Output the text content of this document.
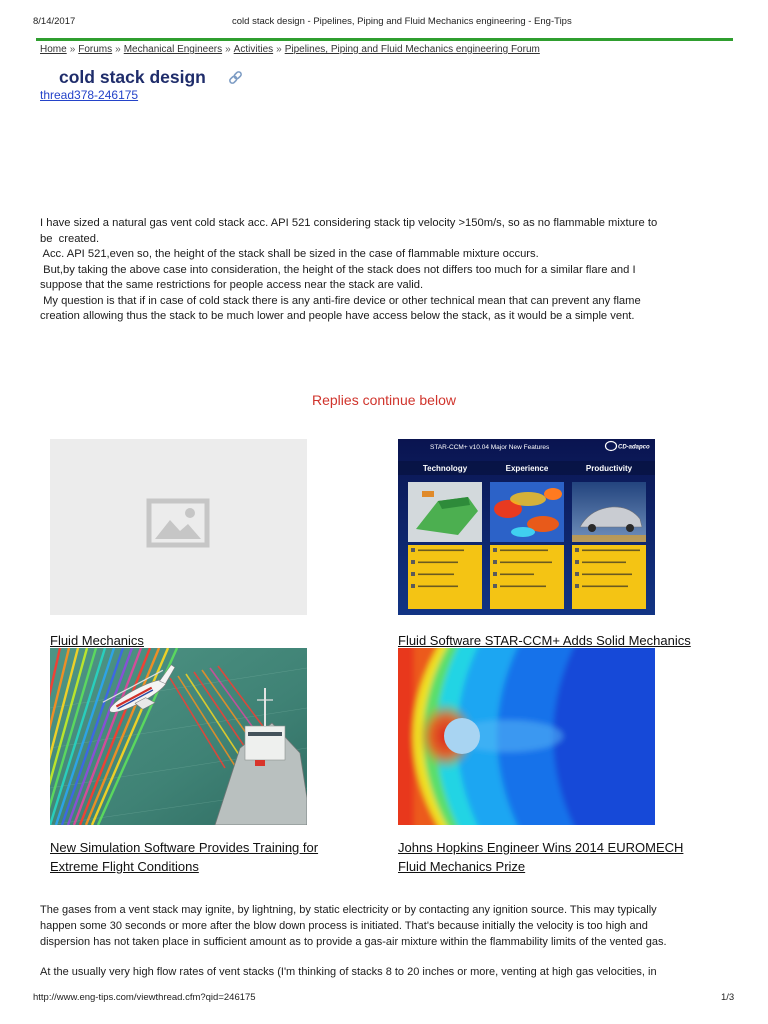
8/14/2017	cold stack design - Pipelines, Piping and Fluid Mechanics engineering - Eng-Tips
Home » Forums » Mechanical Engineers » Activities » Pipelines, Piping and Fluid Mechanics engineering Forum
cold stack design
thread378-246175
I have sized a natural gas vent cold stack acc. API 521 considering stack tip velocity >150m/s, so as no flammable mixture to
be  created.
Acc. API 521,even so, the height of the stack shall be sized in the case of flammable mixture occurs.
But,by taking the above case into consideration, the height of the stack does not differs too much for a similar flare and I
suppose that the same restrictions for people access near the stack are valid.
My question is that if in case of cold stack there is any anti-fire device or other technical mean that can prevent any flame
creation allowing thus the stack to be much lower and people have access below the stack, as it would be a simple vent.
Replies continue below
STAR-CCM+ v10.04 Major New Features	CD-adapco
Technology	Experience	Productivity
Fluid Mechanics	Fluid Software STAR-CCM+ Adds Solid Mechanics
New Simulation Software Provides Training for
Extreme Flight Conditions
Johns Hopkins Engineer Wins 2014 EUROMECH
Fluid Mechanics Prize
The gases from a vent stack may ignite, by lightning, by static electricity or by contacting any ignition source. This may typically
happen some 30 seconds or more after the blow down process is initiated. That's because initially the velocity is too high and
dispersion has not taken place in sufficient amount as to provide a gas-air mixture within the flammability limits of the vented gas.
At the usually very high flow rates of vent stacks (I'm thinking of stacks 8 to 20 inches or more, venting at high gas velocities, in
http://www.eng-tips.com/viewthread.cfm?qid=246175	1/3
